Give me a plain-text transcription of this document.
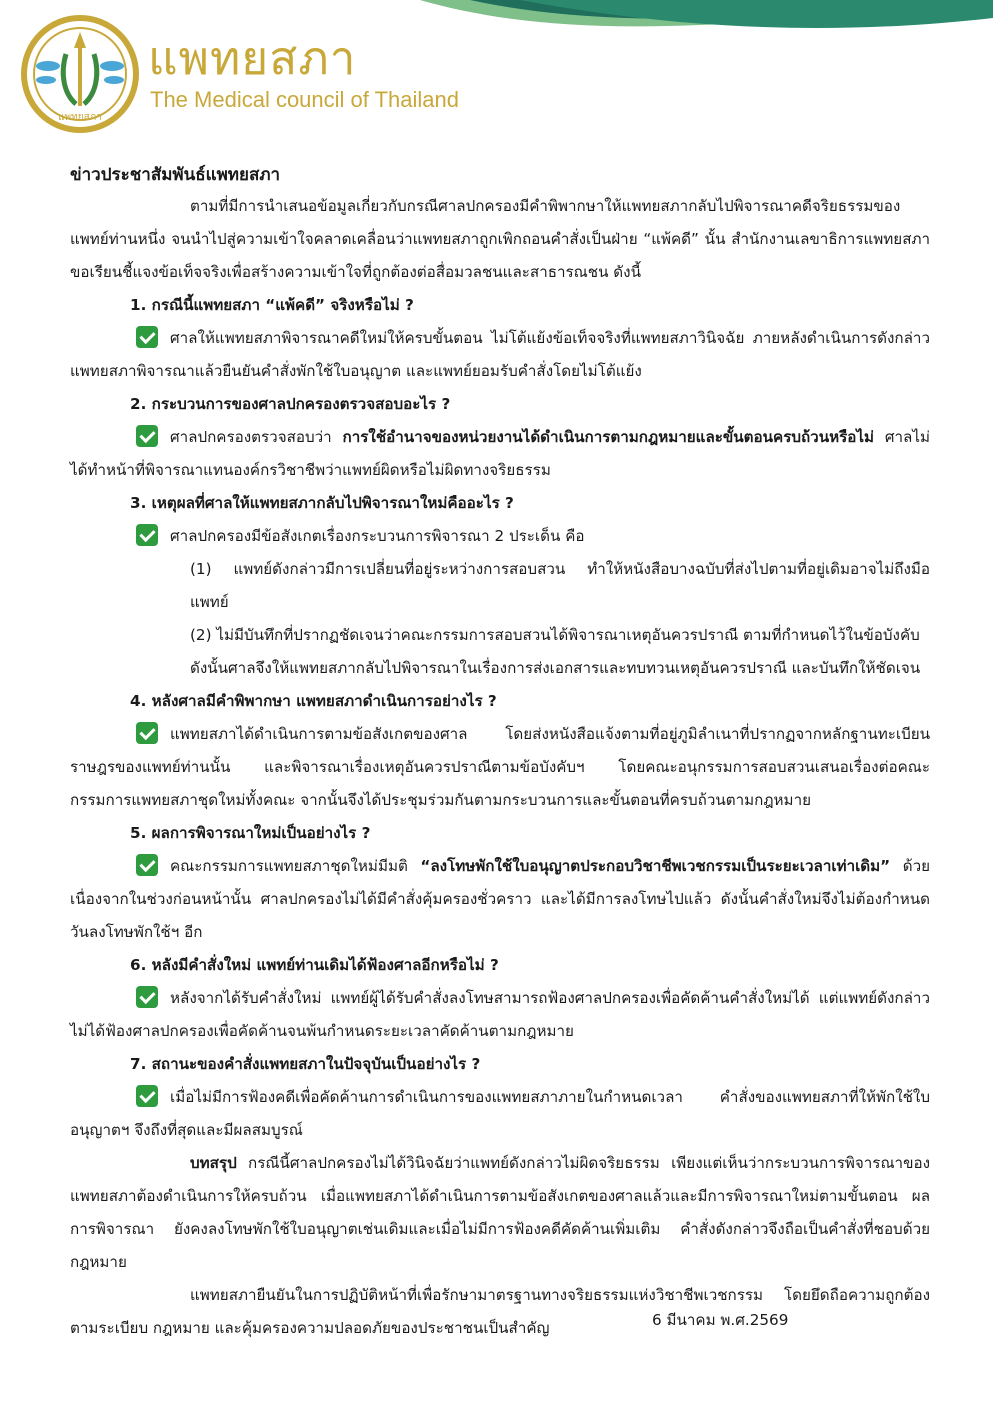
แพทยสภา
แพทยสภา
The Medical council of Thailand

ข่าวประชาสัมพันธ์แพทยสภา

ตามที่มีการนำเสนอข้อมูลเกี่ยวกับกรณีศาลปกครองมีคำพิพากษาให้แพทยสภากลับไปพิจารณาคดีจริยธรรมของแพทย์ท่านหนึ่ง จนนำไปสู่ความเข้าใจคลาดเคลื่อนว่าแพทยสภาถูกเพิกถอนคำสั่งเป็นฝ่าย “แพ้คดี” นั้น สำนักงานเลขาธิการแพทยสภา ขอเรียนชี้แจงข้อเท็จจริงเพื่อสร้างความเข้าใจที่ถูกต้องต่อสื่อมวลชนและสาธารณชน ดังนี้

1. กรณีนี้แพทยสภา “แพ้คดี” จริงหรือไม่ ?

ศาลให้แพทยสภาพิจารณาคดีใหม่ให้ครบขั้นตอน ไม่โต้แย้งข้อเท็จจริงที่แพทยสภาวินิจฉัย ภายหลังดำเนินการดังกล่าวแพทยสภาพิจารณาแล้วยืนยันคำสั่งพักใช้ใบอนุญาต และแพทย์ยอมรับคำสั่งโดยไม่โต้แย้ง

2. กระบวนการของศาลปกครองตรวจสอบอะไร ?

ศาลปกครองตรวจสอบว่า การใช้อำนาจของหน่วยงานได้ดำเนินการตามกฎหมายและขั้นตอนครบถ้วนหรือไม่ ศาลไม่ได้ทำหน้าที่พิจารณาแทนองค์กรวิชาชีพว่าแพทย์ผิดหรือไม่ผิดทางจริยธรรม

3. เหตุผลที่ศาลให้แพทยสภากลับไปพิจารณาใหม่คืออะไร ?

ศาลปกครองมีข้อสังเกตเรื่องกระบวนการพิจารณา 2 ประเด็น คือ

(1) แพทย์ดังกล่าวมีการเปลี่ยนที่อยู่ระหว่างการสอบสวน ทำให้หนังสือบางฉบับที่ส่งไปตามที่อยู่เดิมอาจไม่ถึงมือแพทย์

(2) ไม่มีบันทึกที่ปรากฏชัดเจนว่าคณะกรรมการสอบสวนได้พิจารณาเหตุอันควรปราณี ตามที่กำหนดไว้ในข้อบังคับ

ดังนั้นศาลจึงให้แพทยสภากลับไปพิจารณาในเรื่องการส่งเอกสารและทบทวนเหตุอันควรปราณี และบันทึกให้ชัดเจน

4. หลังศาลมีคำพิพากษา แพทยสภาดำเนินการอย่างไร ?

แพทยสภาได้ดำเนินการตามข้อสังเกตของศาล โดยส่งหนังสือแจ้งตามที่อยู่ภูมิลำเนาที่ปรากฏจากหลักฐานทะเบียนราษฎรของแพทย์ท่านนั้น และพิจารณาเรื่องเหตุอันควรปราณีตามข้อบังคับฯ โดยคณะอนุกรรมการสอบสวนเสนอเรื่องต่อคณะกรรมการแพทยสภาชุดใหม่ทั้งคณะ จากนั้นจึงได้ประชุมร่วมกันตามกระบวนการและขั้นตอนที่ครบถ้วนตามกฎหมาย

5. ผลการพิจารณาใหม่เป็นอย่างไร ?

คณะกรรมการแพทยสภาชุดใหม่มีมติ “ลงโทษพักใช้ใบอนุญาตประกอบวิชาชีพเวชกรรมเป็นระยะเวลาเท่าเดิม” ด้วยเนื่องจากในช่วงก่อนหน้านั้น ศาลปกครองไม่ได้มีคำสั่งคุ้มครองชั่วคราว และได้มีการลงโทษไปแล้ว ดังนั้นคำสั่งใหม่จึงไม่ต้องกำหนดวันลงโทษพักใช้ฯ อีก

6. หลังมีคำสั่งใหม่ แพทย์ท่านเดิมได้ฟ้องศาลอีกหรือไม่ ?

หลังจากได้รับคำสั่งใหม่ แพทย์ผู้ได้รับคำสั่งลงโทษสามารถฟ้องศาลปกครองเพื่อคัดค้านคำสั่งใหม่ได้ แต่แพทย์ดังกล่าวไม่ได้ฟ้องศาลปกครองเพื่อคัดค้านจนพ้นกำหนดระยะเวลาคัดค้านตามกฎหมาย

7. สถานะของคำสั่งแพทยสภาในปัจจุบันเป็นอย่างไร ?

เมื่อไม่มีการฟ้องคดีเพื่อคัดค้านการดำเนินการของแพทยสภาภายในกำหนดเวลา คำสั่งของแพทยสภาที่ให้พักใช้ใบอนุญาตฯ จึงถึงที่สุดและมีผลสมบูรณ์

บทสรุป กรณีนี้ศาลปกครองไม่ได้วินิจฉัยว่าแพทย์ดังกล่าวไม่ผิดจริยธรรม เพียงแต่เห็นว่ากระบวนการพิจารณาของแพทยสภาต้องดำเนินการให้ครบถ้วน เมื่อแพทยสภาได้ดำเนินการตามข้อสังเกตของศาลแล้วและมีการพิจารณาใหม่ตามขั้นตอน ผลการพิจารณา ยังคงลงโทษพักใช้ใบอนุญาตเช่นเดิมและเมื่อไม่มีการฟ้องคดีคัดค้านเพิ่มเติม คำสั่งดังกล่าวจึงถือเป็นคำสั่งที่ชอบด้วยกฎหมาย

แพทยสภายืนยันในการปฏิบัติหน้าที่เพื่อรักษามาตรฐานทางจริยธรรมแห่งวิชาชีพเวชกรรม โดยยึดถือความถูกต้องตามระเบียบ กฎหมาย และคุ้มครองความปลอดภัยของประชาชนเป็นสำคัญ	6 มีนาคม พ.ศ.2569
